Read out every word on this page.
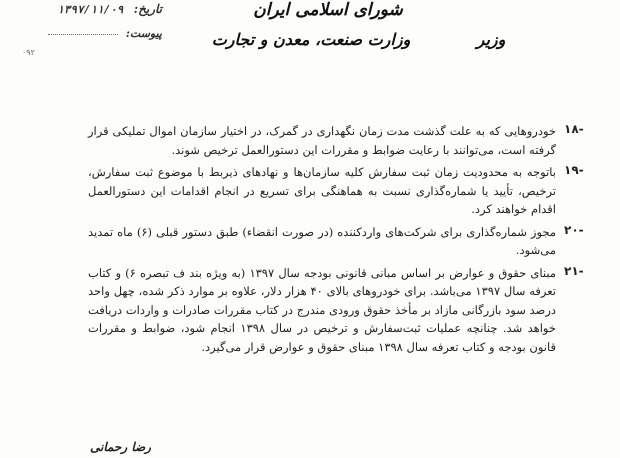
تاریخ: ۱۳۹۷/۱۱/۰۹
پیوست:
۰۹۲
شورای اسلامی ایران
وزارت صنعت، معدن و تجارت	وزیر
۱۸-
خودروهایی که به علت گذشت مدت زمان نگهداری در گمرک، در اختیار سازمان اموال تملیکی قرار گرفته است، می‌توانند با رعایت ضوابط و مقررات این دستورالعمل ترخیص شوند.
۱۹-
باتوجه به محدودیت زمان ثبت سفارش کلیه سازمان‌ها و نهادهای ذیربط با موضوع ثبت سفارش، ترخیص، تأیید یا شماره‌گذاری نسبت به هماهنگی برای تسریع در انجام اقدامات این دستورالعمل اقدام خواهند کرد.
۲۰-
مجوز شماره‌گذاری برای شرکت‌های واردکننده (در صورت انقضاء) طبق دستور قبلی (۶) ماه تمدید می‌شود.
۲۱-
مبنای حقوق و عوارض بر اساس مبانی قانونی بودجه سال ۱۳۹۷ (به ویژه بند ف تبصره ۶) و کتاب تعرفه سال ۱۳۹۷ می‌باشد. برای خودروهای بالای ۴۰ هزار دلار، علاوه بر موارد ذکر شده، چهل واحد درصد سود بازرگانی مازاد بر مأخذ حقوق ورودی مندرج در کتاب مقررات صادرات و واردات دریافت خواهد شد. چنانچه عملیات ثبت‌سفارش و ترخیص در سال ۱۳۹۸ انجام شود، ضوابط و مقررات قانون بودجه و کتاب تعرفه سال ۱۳۹۸ مبنای حقوق و عوارض قرار می‌گیرد.
رضا رحمانی
